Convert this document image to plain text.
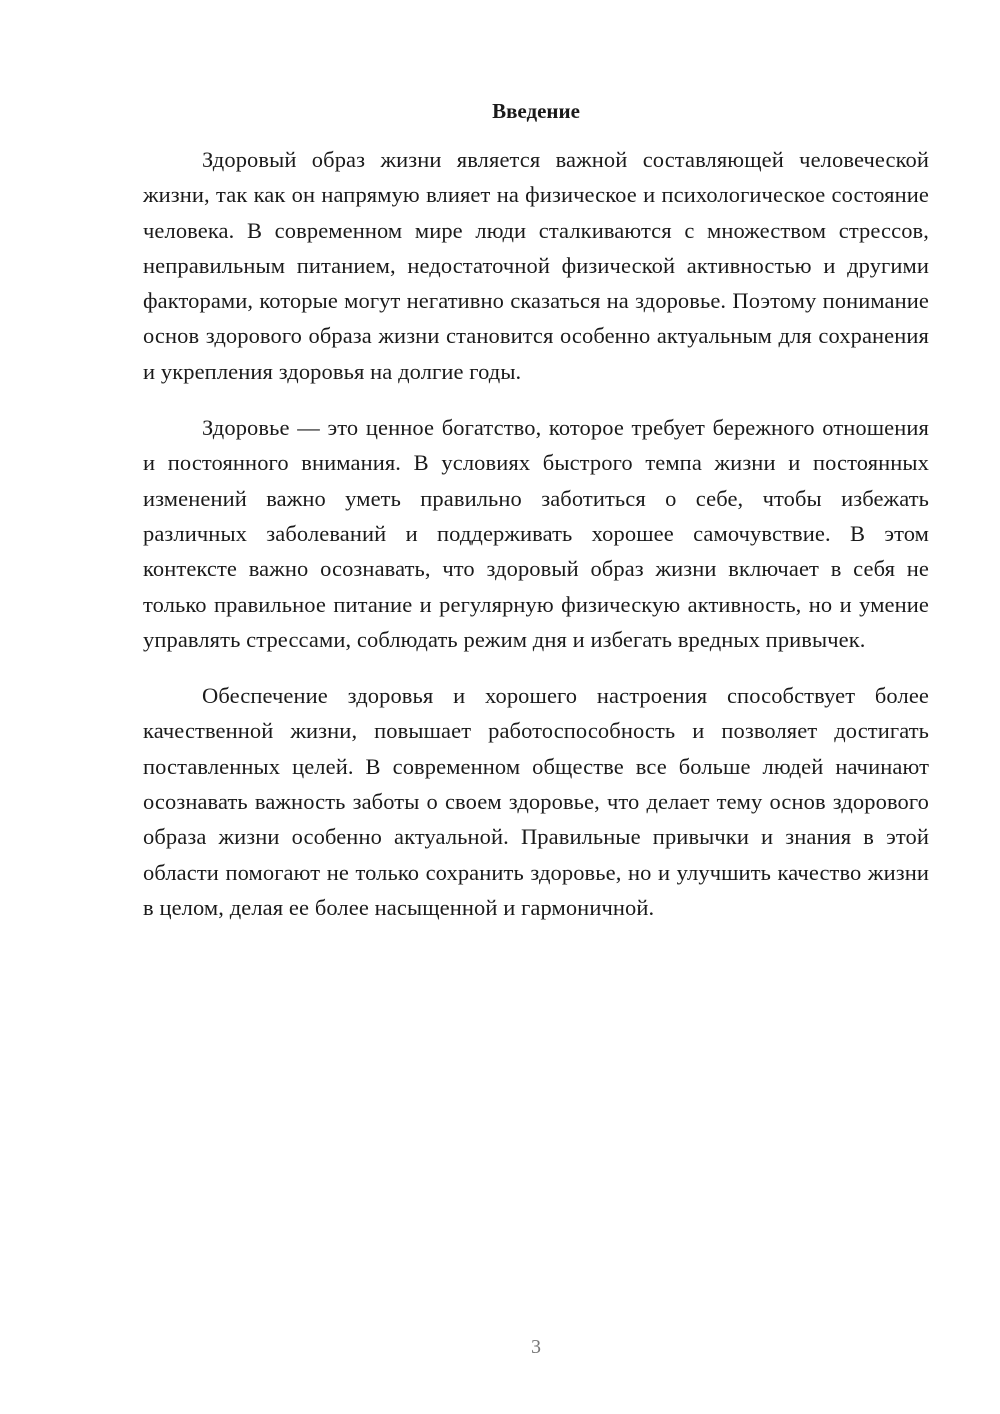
Введение

Здоровый образ жизни является важной составляющей человеческой жизни, так как он напрямую влияет на физическое и психологическое состояние человека. В современном мире люди сталкиваются с множеством стрессов, неправильным питанием, недостаточной физической активностью и другими факторами, которые могут негативно сказаться на здоровье. Поэтому понимание основ здорового образа жизни становится особенно актуальным для сохранения и укрепления здоровья на долгие годы.

Здоровье — это ценное богатство, которое требует бережного отношения и постоянного внимания. В условиях быстрого темпа жизни и постоянных изменений важно уметь правильно заботиться о себе, чтобы избежать различных заболеваний и поддерживать хорошее самочувствие. В этом контексте важно осознавать, что здоровый образ жизни включает в себя не только правильное питание и регулярную физическую активность, но и умение управлять стрессами, соблюдать режим дня и избегать вредных привычек.

Обеспечение здоровья и хорошего настроения способствует более качественной жизни, повышает работоспособность и позволяет достигать поставленных целей. В современном обществе все больше людей начинают осознавать важность заботы о своем здоровье, что делает тему основ здорового образа жизни особенно актуальной. Правильные привычки и знания в этой области помогают не только сохранить здоровье, но и улучшить качество жизни в целом, делая ее более насыщенной и гармоничной.

3
